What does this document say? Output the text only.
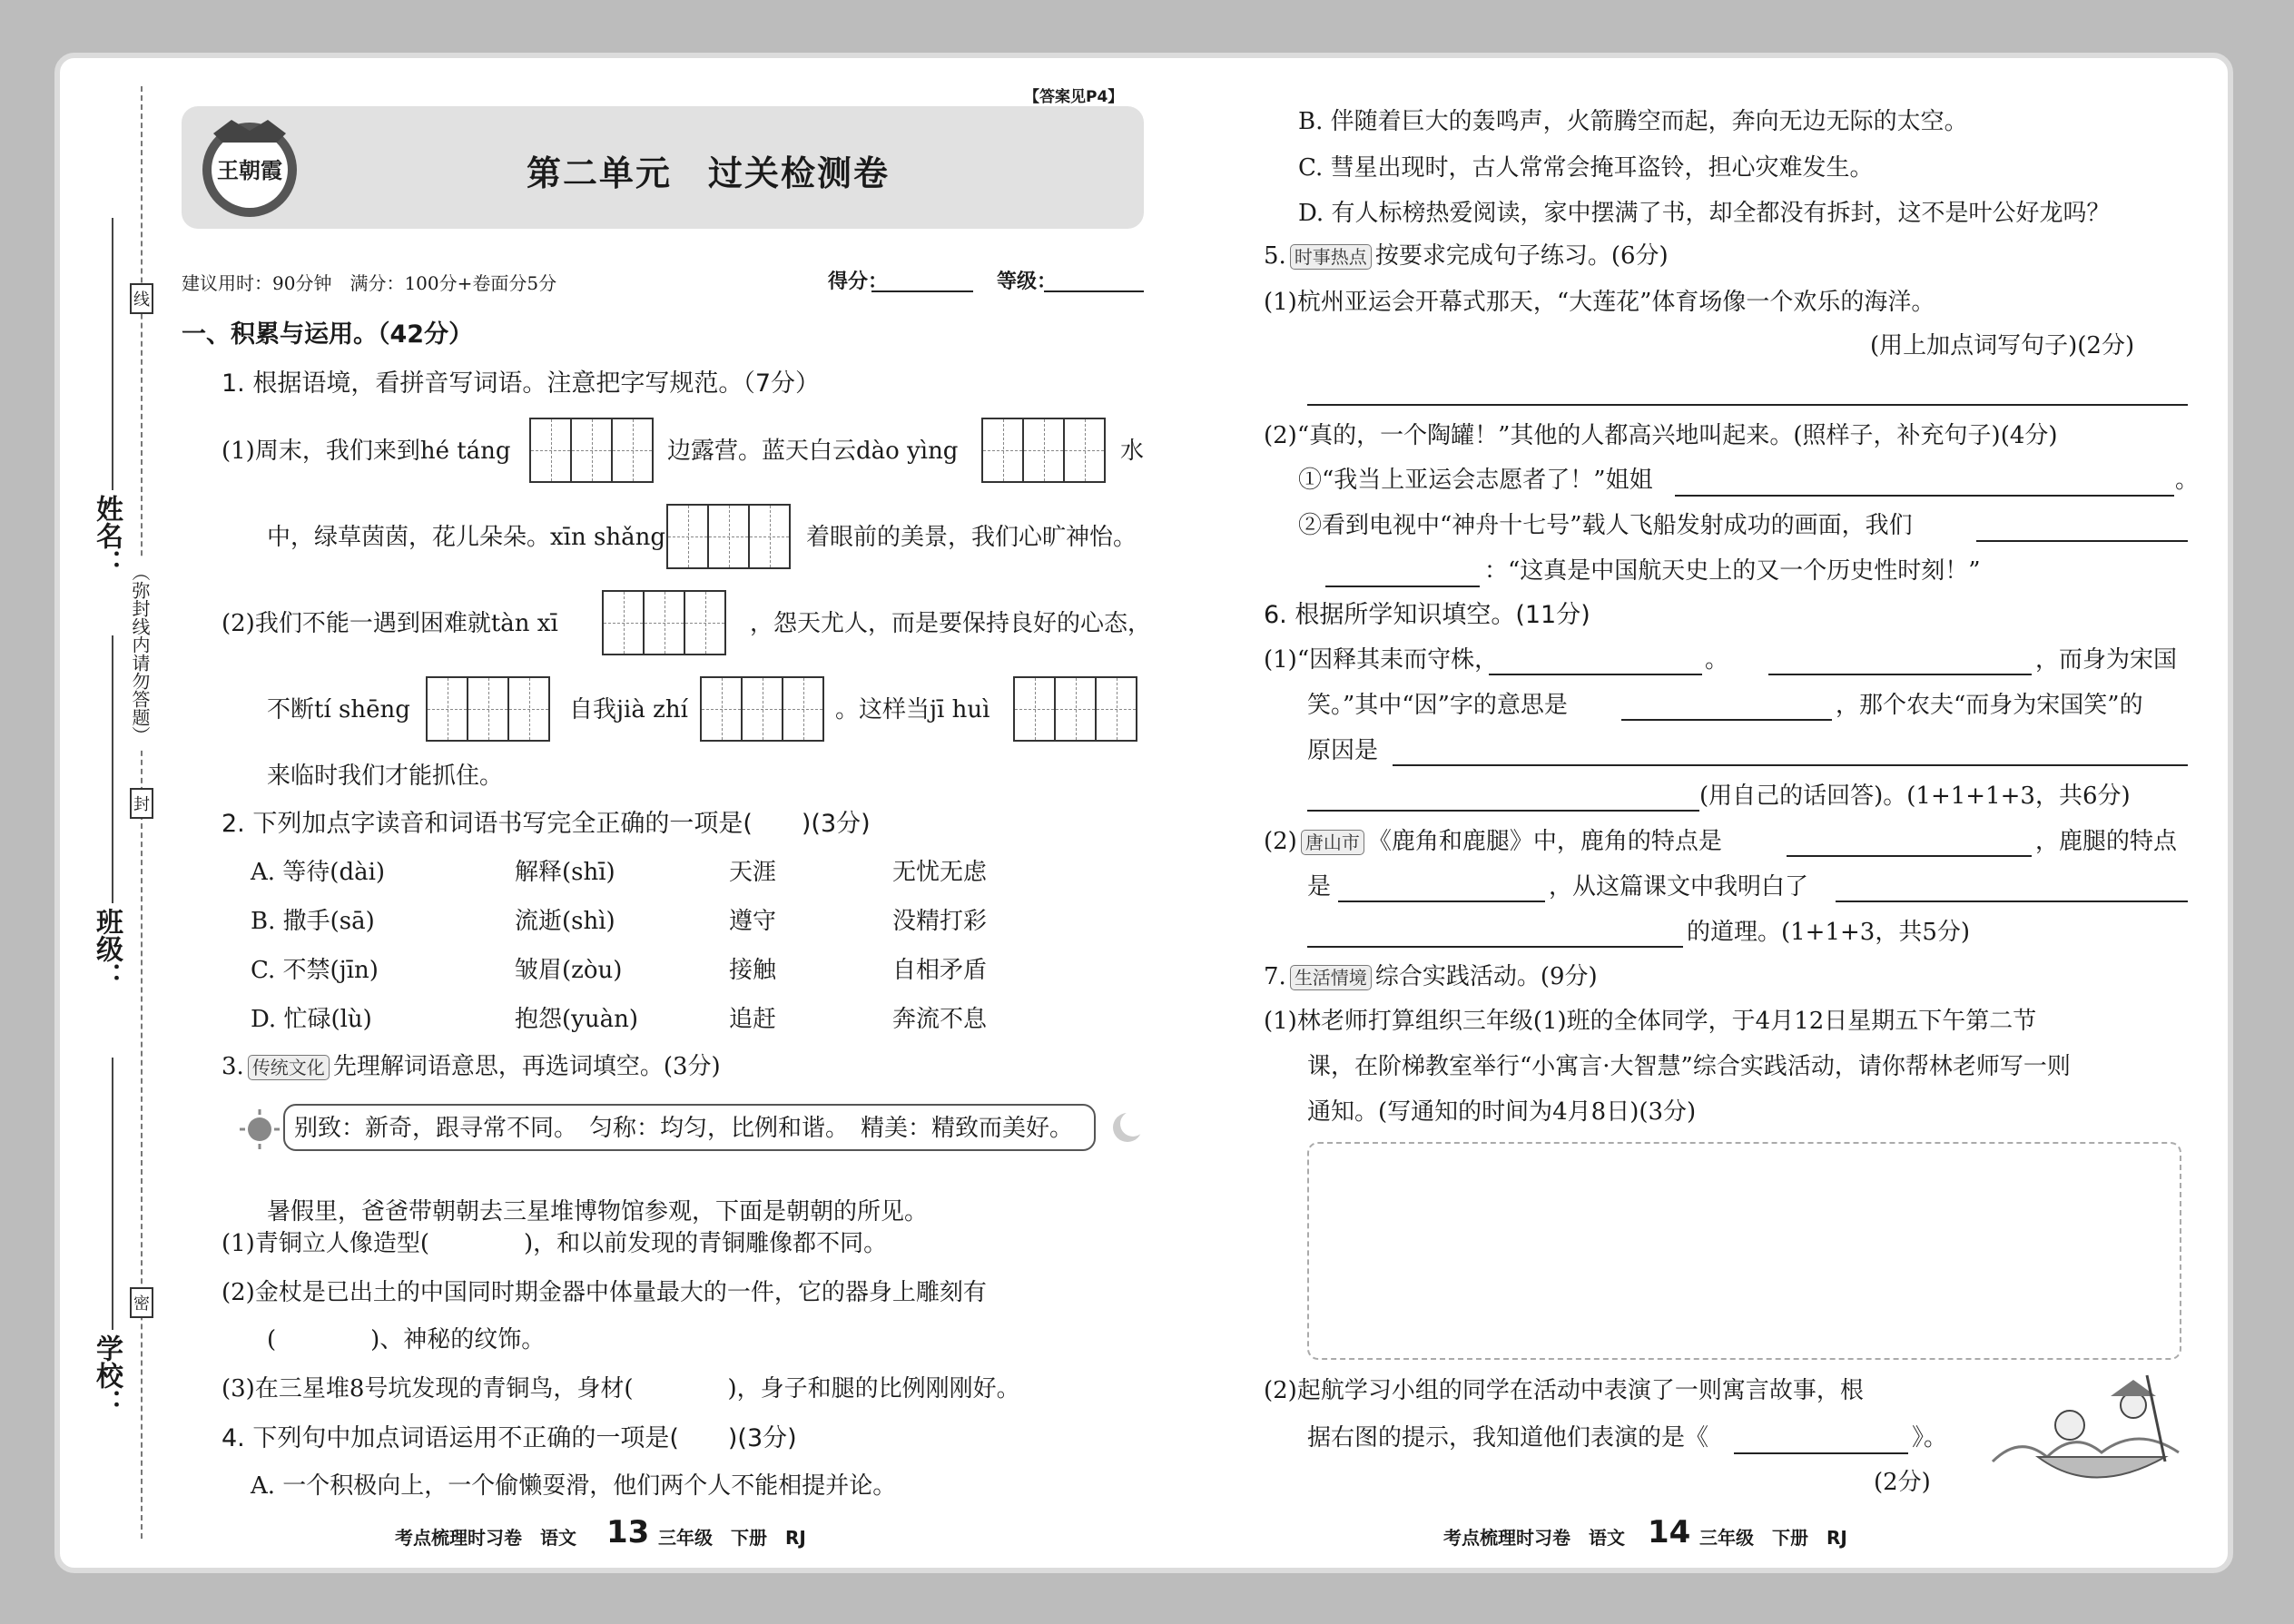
姓名：
班级：
学校：
线
封
密
（弥封线内请勿答题）
【答案见P4】
王朝霞	第二单元　过关检测卷
建议用时：90分钟　满分：100分+卷面分5分	得分：	等级：
一、积累与运用。（42分）
1. 根据语境，看拼音写词语。注意把字写规范。（7分）
(1)周末，我们来到hé táng	边露营。蓝天白云dào yìng	水
中，绿草茵茵，花儿朵朵。xīn shǎng	着眼前的美景，我们心旷神怡。
(2)我们不能一遇到困难就tàn xī	，怨天尤人，而是要保持良好的心态，
不断tí shēng	自我jià zhí	。这样当jī huì
来临时我们才能抓住。
2. 下列加点字读音和词语书写完全正确的一项是(　　)(3分)
A. 等待(dài)	解释(shī)	天涯	无忧无虑
B. 撒手(sā)	流逝(shì)	遵守	没精打彩
C. 不禁(jīn)	皱眉(zòu)	接触	自相矛盾
D. 忙碌(lù)	抱怨(yuàn)	追赶	奔流不息
3. 传统文化 先理解词语意思，再选词填空。(3分)
别致：新奇，跟寻常不同。　匀称：均匀，比例和谐。　精美：精致而美好。
暑假里，爸爸带朝朝去三星堆博物馆参观，下面是朝朝的所见。
(1)青铜立人像造型(　　　　)，和以前发现的青铜雕像都不同。
(2)金杖是已出土的中国同时期金器中体量最大的一件，它的器身上雕刻有
(　　　　)、神秘的纹饰。
(3)在三星堆8号坑发现的青铜鸟，身材(　　　　)，身子和腿的比例刚刚好。
4. 下列句中加点词语运用不正确的一项是(　　)(3分)
A. 一个积极向上，一个偷懒耍滑，他们两个人不能相提并论。
考点梳理时习卷　语文 13 三年级　下册　RJ
B. 伴随着巨大的轰鸣声，火箭腾空而起，奔向无边无际的太空。
C. 彗星出现时，古人常常会掩耳盗铃，担心灾难发生。
D. 有人标榜热爱阅读，家中摆满了书，却全都没有拆封，这不是叶公好龙吗？
5. 时事热点 按要求完成句子练习。(6分)
(1)杭州亚运会开幕式那天，“大莲花”体育场像一个欢乐的海洋。
(用上加点词写句子)(2分)
(2)“真的，一个陶罐！”其他的人都高兴地叫起来。(照样子，补充句子)(4分)
①“我当上亚运会志愿者了！”姐姐	。
②看到电视中“神舟十七号”载人飞船发射成功的画面，我们
：“这真是中国航天史上的又一个历史性时刻！”
6. 根据所学知识填空。(11分)
(1)“因释其耒而守株，	。	，而身为宋国
笑。”其中“因”字的意思是	，那个农夫“而身为宋国笑”的
原因是
(用自己的话回答)。(1+1+1+3，共6分)
(2) 唐山市 《鹿角和鹿腿》中，鹿角的特点是	，鹿腿的特点
是	，从这篇课文中我明白了
的道理。(1+1+3，共5分)
7. 生活情境 综合实践活动。(9分)
(1)林老师打算组织三年级(1)班的全体同学，于4月12日星期五下午第二节
课，在阶梯教室举行“小寓言·大智慧”综合实践活动，请你帮林老师写一则
通知。(写通知的时间为4月8日)(3分)
(2)起航学习小组的同学在活动中表演了一则寓言故事，根
据右图的提示，我知道他们表演的是《	》。
(2分)
考点梳理时习卷　语文 14 三年级　下册　RJ
